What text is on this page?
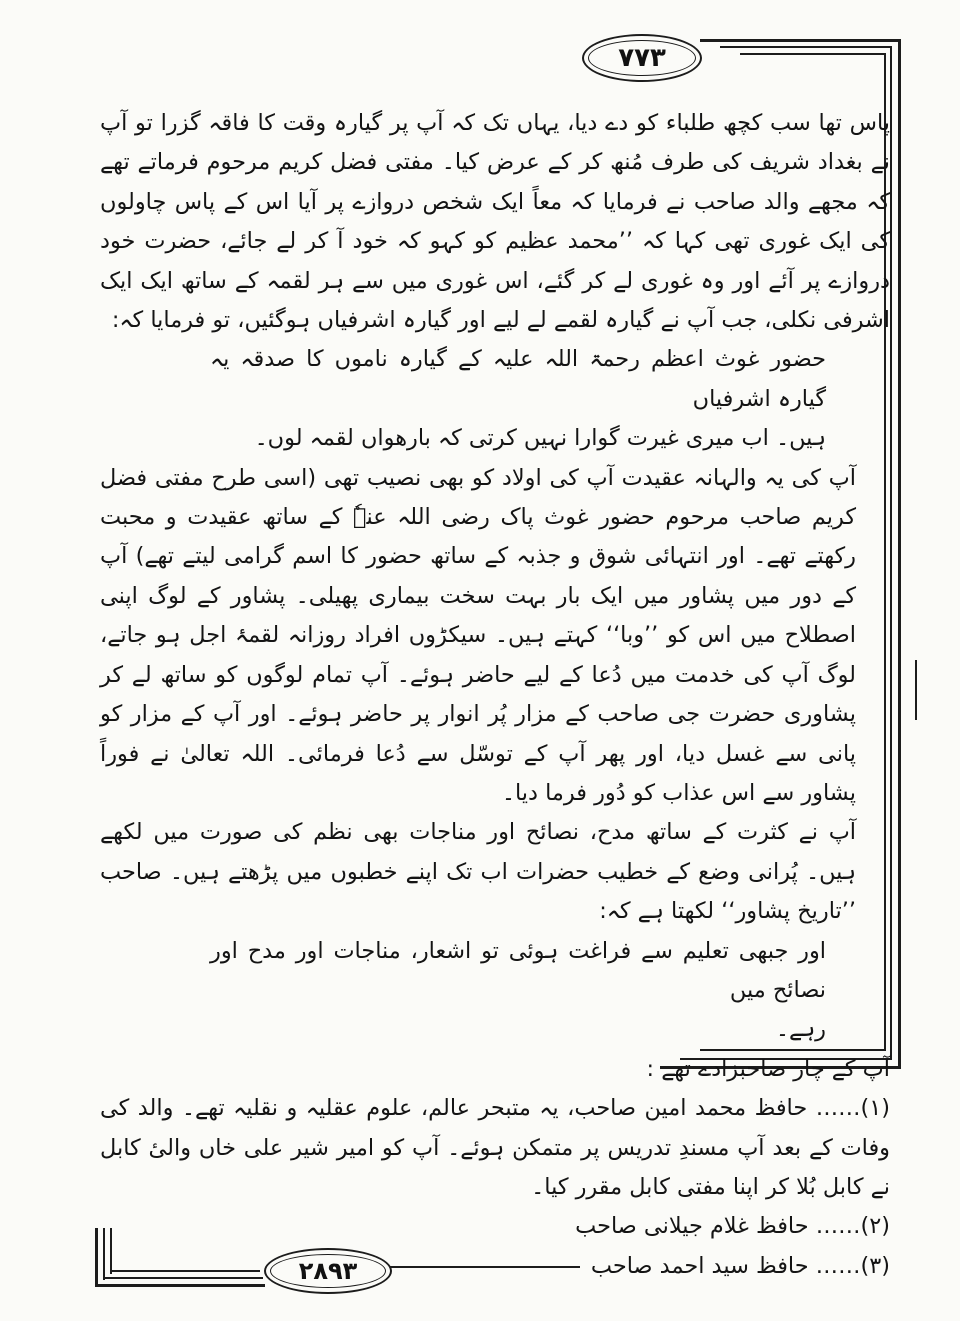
۷۷۳
۲۸۹۳

پاس تھا سب کچھ طلباء کو دے دیا، یہاں تک کہ آپ پر گیارہ وقت کا فاقہ گزرا تو آپ نے بغداد شریف کی طرف مُنھ کر کے عرض کیا۔ مفتی فضل کریم مرحوم فرماتے تھے کہ مجھے والد صاحب نے فرمایا کہ معاً ایک شخص دروازے پر آیا اس کے پاس چاولوں کی ایک غوری تھی کہا کہ ’’محمد عظیم کو کہو کہ خود آ کر لے جائے، حضرت خود دروازے پر آئے اور وہ غوری لے کر گئے، اس غوری میں سے ہر لقمہ کے ساتھ ایک ایک اشرفی نکلی، جب آپ نے گیارہ لقمے لے لیے اور گیارہ اشرفیاں ہوگئیں، تو فرمایا کہ:

حضور غوث اعظم رحمۃ اللہ علیہ کے گیارہ ناموں کا صدقہ یہ گیارہ اشرفیاں

ہیں۔ اب میری غیرت گوارا نہیں کرتی کہ بارھواں لقمہ لوں۔

آپ کی یہ والہانہ عقیدت آپ کی اولاد کو بھی نصیب تھی (اسی طرح مفتی فضل کریم صاحب مرحوم حضور غوث پاک رضی اللہ عنہٗ کے ساتھ عقیدت و محبت رکھتے تھے۔ اور انتہائی شوق و جذبہ کے ساتھ حضور کا اسم گرامی لیتے تھے) آپ کے دور میں پشاور میں ایک بار بہت سخت بیماری پھیلی۔ پشاور کے لوگ اپنی اصطلاح میں اس کو ’’وبا‘‘ کہتے ہیں۔ سیکڑوں افراد روزانہ لقمۂ اجل ہو جاتے، لوگ آپ کی خدمت میں دُعا کے لیے حاضر ہوئے۔ آپ تمام لوگوں کو ساتھ لے کر پشاوری حضرت جی صاحب کے مزار پُر انوار پر حاضر ہوئے۔ اور آپ کے مزار کو پانی سے غسل دیا، اور پھر آپ کے توسّل سے دُعا فرمائی۔ اللہ تعالیٰ نے فوراً پشاور سے اس عذاب کو دُور فرما دیا۔

آپ نے کثرت کے ساتھ مدح، نصائح اور مناجات بھی نظم کی صورت میں لکھے ہیں۔ پُرانی وضع کے خطیب حضرات اب تک اپنے خطبوں میں پڑھتے ہیں۔ صاحب ’’تاریخ پشاور‘‘ لکھتا ہے کہ:

اور جبھی تعلیم سے فراغت ہوئی تو اشعار، مناجات اور مدح اور نصائح میں

رہے۔

آپ کے چار صاحبزادے تھے :

(۱)…… حافظ محمد امین صاحب، یہ متبحر عالم، علوم عقلیہ و نقلیہ تھے۔ والد کی وفات کے بعد آپ مسندِ تدریس پر متمکن ہوئے۔ آپ کو امیر شیر علی خاں والیٔ کابل نے کابل بُلا کر اپنا مفتی کابل مقرر کیا۔

(۲)…… حافظ غلام جیلانی صاحب

(۳)…… حافظ سید احمد صاحب
